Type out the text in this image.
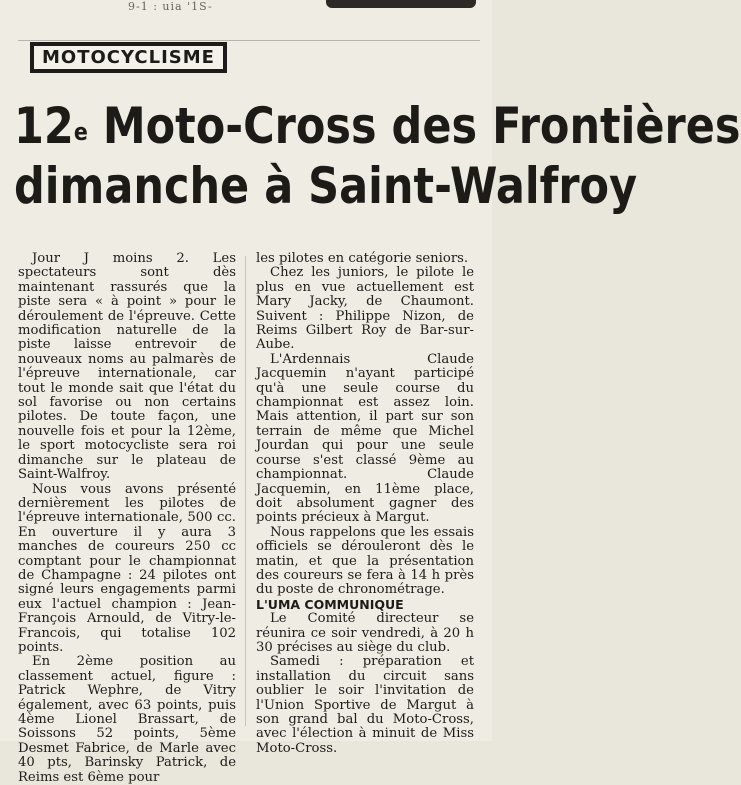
9-1 : uia '1S-
MOTOCYCLISME
12e Moto-Cross des Frontières
dimanche à Saint-Walfroy

Jour J moins 2. Les spectateurs sont dès maintenant rassurés que la piste sera « à point » pour le déroulement de l'épreuve. Cette modification naturelle de la piste laisse entrevoir de nouveaux noms au palmarès de l'épreuve internationale, car tout le monde sait que l'état du sol favorise ou non certains pilotes. De toute façon, une nouvelle fois et pour la 12ème, le sport motocycliste sera roi dimanche sur le plateau de Saint-Walfroy.

Nous vous avons présenté dernièrement les pilotes de l'épreuve internationale, 500 cc. En ouverture il y aura 3 manches de coureurs 250 cc comptant pour le championnat de Champagne : 24 pilotes ont signé leurs engagements parmi eux l'actuel champion : Jean-François Arnould, de Vitry-le-Francois, qui totalise 102 points.

En 2ème position au classement actuel, figure : Patrick Wephre, de Vitry également, avec 63 points, puis 4ème Lionel Brassart, de Soissons 52 points, 5ème Desmet Fabrice, de Marle avec 40 pts, Barinsky Patrick, de Reims est 6ème pour

les pilotes en catégorie seniors.

Chez les juniors, le pilote le plus en vue actuellement est Mary Jacky, de Chaumont. Suivent : Philippe Nizon, de Reims Gilbert Roy de Bar-sur-Aube.

L'Ardennais Claude Jacquemin n'ayant participé qu'à une seule course du championnat est assez loin. Mais attention, il part sur son terrain de même que Michel Jourdan qui pour une seule course s'est classé 9ème au championnat. Claude Jacquemin, en 11ème place, doit absolument gagner des points précieux à Margut.

Nous rappelons que les essais officiels se dérouleront dès le matin, et que la présentation des coureurs se fera à 14 h près du poste de chronométrage.

L'UMA COMMUNIQUE

Le Comité directeur se réunira ce soir vendredi, à 20 h 30 précises au siège du club.

Samedi : préparation et installation du circuit sans oublier le soir l'invitation de l'Union Sportive de Margut à son grand bal du Moto-Cross, avec l'élection à minuit de Miss Moto-Cross.
